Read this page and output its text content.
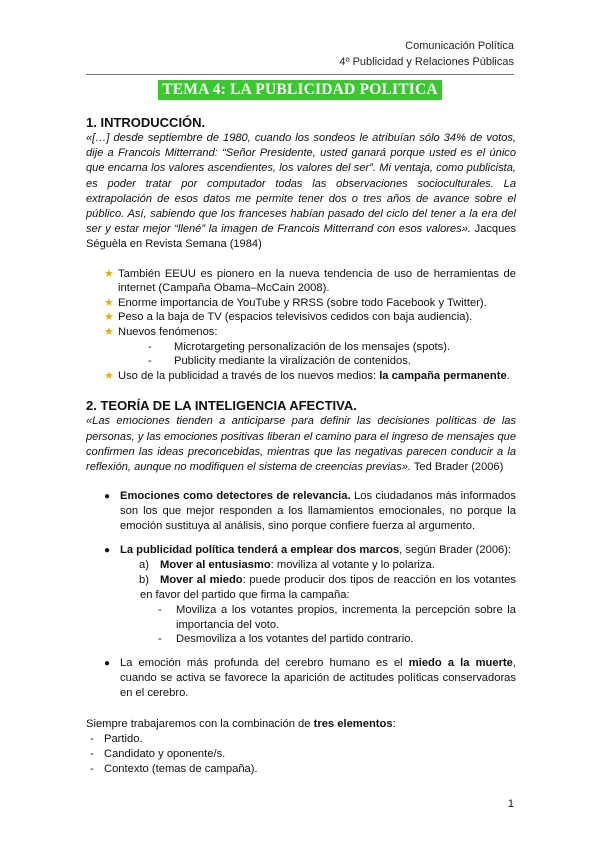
Comunicación Política
4º Publicidad y Relaciones Públicas
TEMA 4: LA PUBLICIDAD POLITICA
1. INTRODUCCIÓN.

«[…] desde septiembre de 1980, cuando los sondeos le atribuían sólo 34% de votos, dije a Francois Mitterrand: “Señor Presidente, usted ganará porque usted es el único que encarna los valores ascendientes, los valores del ser”. Mi ventaja, como publicista, es poder tratar por computador todas las observaciones socioculturales. La extrapolación de esos datos me permite tener dos o tres años de avance sobre el público. Así, sabiendo que los franceses habían pasado del ciclo del tener a la era del ser y estar mejor “llené” la imagen de Francois Mitterrand con esos valores». Jacques Séguèla en Revista Semana (1984)

★ También EEUU es pionero en la nueva tendencia de uso de herramientas de internet (Campaña Obama–McCain 2008).
★ Enorme importancia de YouTube y RRSS (sobre todo Facebook y Twitter).
★ Peso a la baja de TV (espacios televisivos cedidos con baja audiencia).
★ Nuevos fenómenos:
- Microtargeting personalización de los mensajes (spots).
- Publicity mediante la viralización de contenidos.
★ Uso de la publicidad a través de los nuevos medios: la campaña permanente.
2. TEORÍA DE LA INTELIGENCIA AFECTIVA.

«Las emociones tienden a anticiparse para definir las decisiones políticas de las personas, y las emociones positivas liberan el camino para el ingreso de mensajes que confirmen las ideas preconcebidas, mientras que las negativas parecen conducir a la reflexión, aunque no modifiquen el sistema de creencias previas». Ted Brader (2006)

● Emociones como detectores de relevancia. Los ciudadanos más informados son los que mejor responden a los llamamientos emocionales, no porque la emoción sustituya al análisis, sino porque confiere fuerza al argumento.
● La publicidad política tenderá a emplear dos marcos, según Brader (2006):
a) Mover al entusiasmo: moviliza al votante y lo polariza.
b) Mover al miedo: puede producir dos tipos de reacción en los votantes en favor del partido que firma la campaña:
- Moviliza a los votantes propios, incrementa la percepción sobre la importancia del voto.
- Desmoviliza a los votantes del partido contrario.
● La emoción más profunda del cerebro humano es el miedo a la muerte, cuando se activa se favorece la aparición de actitudes políticas conservadoras en el cerebro.

Siempre trabajaremos con la combinación de tres elementos:

- Partido.
- Candidato y oponente/s.
- Contexto (temas de campaña).
1
